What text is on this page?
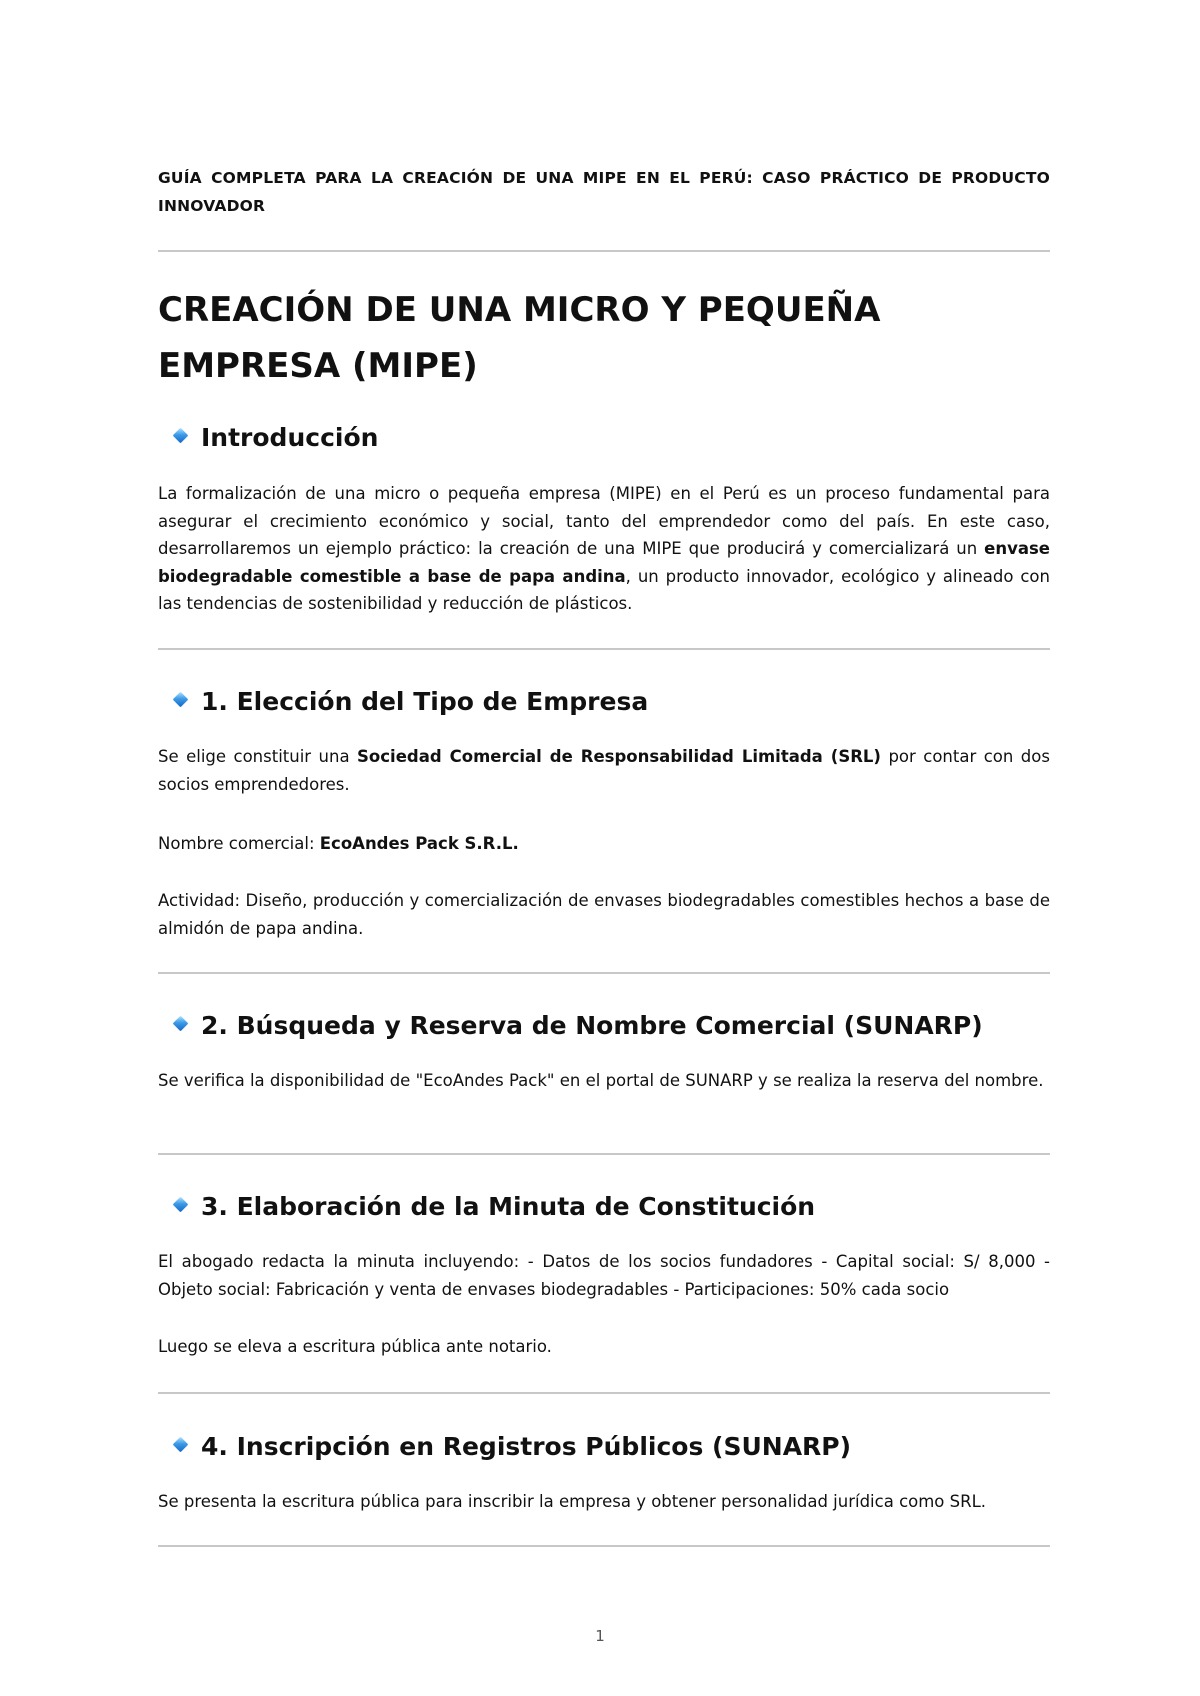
GUÍA COMPLETA PARA LA CREACIÓN DE UNA MIPE EN EL PERÚ: CASO PRÁCTICO DE PRODUCTO INNOVADOR
CREACIÓN DE UNA MICRO Y PEQUEÑA EMPRESA (MIPE)
Introducción

La formalización de una micro o pequeña empresa (MIPE) en el Perú es un proceso fundamental para asegurar el crecimiento económico y social, tanto del emprendedor como del país. En este caso, desarrollaremos un ejemplo práctico: la creación de una MIPE que producirá y comercializará un envase biodegradable comestible a base de papa andina, un producto innovador, ecológico y alineado con las tendencias de sostenibilidad y reducción de plásticos.

1. Elección del Tipo de Empresa

Se elige constituir una Sociedad Comercial de Responsabilidad Limitada (SRL) por contar con dos socios emprendedores.

Nombre comercial: EcoAndes Pack S.R.L.

Actividad: Diseño, producción y comercialización de envases biodegradables comestibles hechos a base de almidón de papa andina.

2. Búsqueda y Reserva de Nombre Comercial (SUNARP)

Se verifica la disponibilidad de "EcoAndes Pack" en el portal de SUNARP y se realiza la reserva del nombre.

3. Elaboración de la Minuta de Constitución

El abogado redacta la minuta incluyendo: - Datos de los socios fundadores - Capital social: S/ 8,000 - Objeto social: Fabricación y venta de envases biodegradables - Participaciones: 50% cada socio

Luego se eleva a escritura pública ante notario.

4. Inscripción en Registros Públicos (SUNARP)

Se presenta la escritura pública para inscribir la empresa y obtener personalidad jurídica como SRL.

1
